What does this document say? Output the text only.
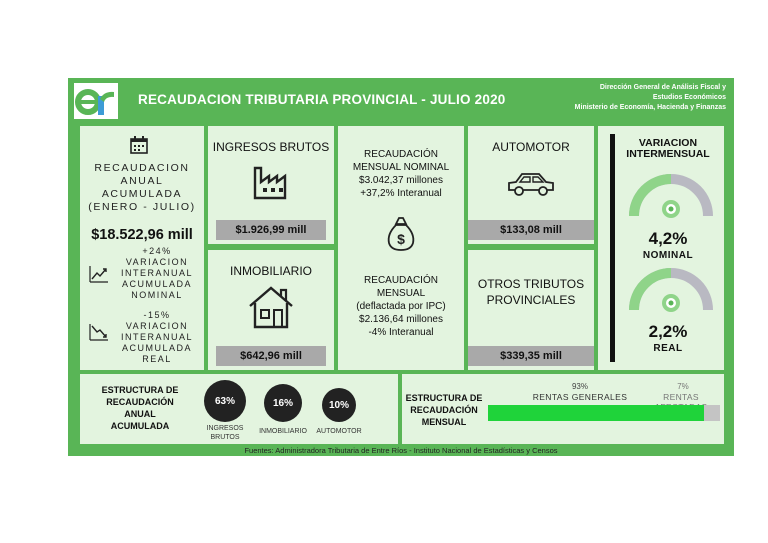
RECAUDACION TRIBUTARIA PROVINCIAL - JULIO 2020
Dirección General de Análisis Fiscal y
Estudios Económicos
Ministerio de Economía, Hacienda y Finanzas
RECAUDACION
ANUAL
ACUMULADA
(ENERO - JULIO)
$18.522,96 mill
+24%
VARIACION
INTERANUAL
ACUMULADA
NOMINAL
-15%
VARIACION
INTERANUAL
ACUMULADA
REAL
INGRESOS BRUTOS
$1.926,99 mill
INMOBILIARIO
$642,96 mill
RECAUDACIÓN
MENSUAL NOMINAL
$3.042,37 millones
+37,2% Interanual
$
RECAUDACIÓN
MENSUAL
(deflactada por IPC)
$2.136,64 millones
-4% Interanual
AUTOMOTOR
$133,08 mill
OTROS TRIBUTOS
PROVINCIALES
$339,35 mill
VARIACION
INTERMENSUAL
4,2%
NOMINAL
2,2%
REAL
ESTRUCTURA DE
RECAUDACIÓN
ANUAL
ACUMULADA
63%
INGRESOS
BRUTOS
16%
INMOBILIARIO
10%
AUTOMOTOR
ESTRUCTURA DE
RECAUDACIÓN
MENSUAL
93%
RENTAS GENERALES
7%
RENTAS
Fuentes: Administradora Tributaria de Entre Ríos - Instituto Nacional de Estadísticas y Censos
